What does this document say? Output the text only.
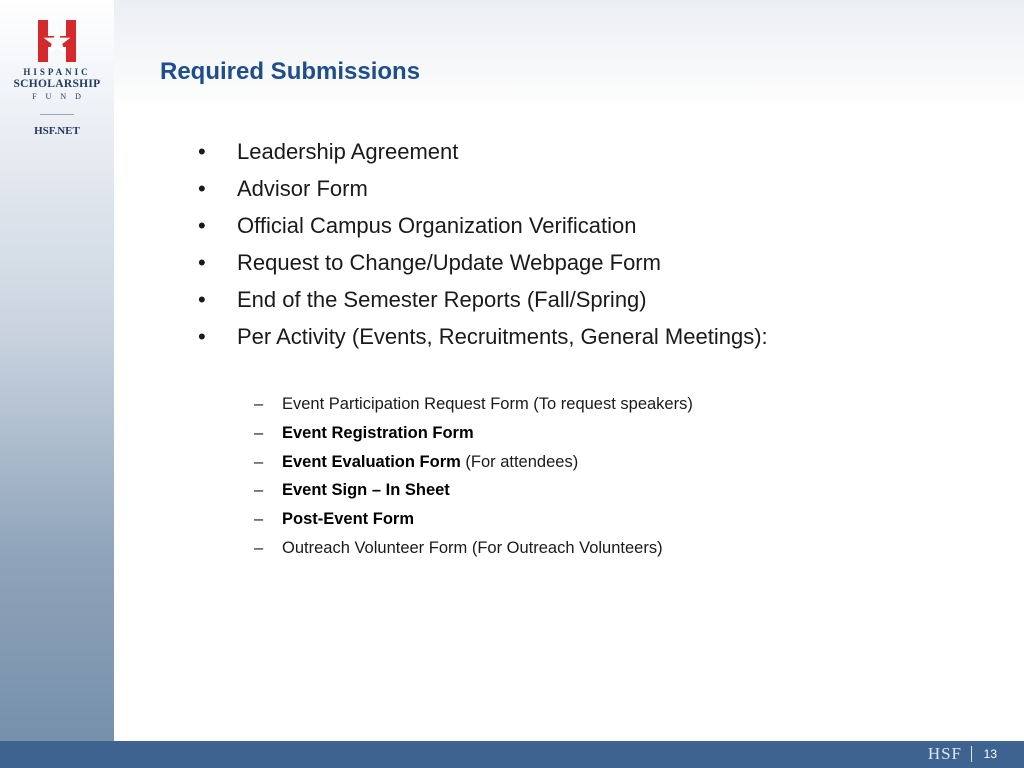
HISPANIC
SCHOLARSHIP
FUND
HSF.NET
Required Submissions
• Leadership Agreement
• Advisor Form
• Official Campus Organization Verification
• Request to Change/Update Webpage Form
• End of the Semester Reports (Fall/Spring)
• Per Activity (Events, Recruitments, General Meetings):
– Event Participation Request Form (To request speakers)
– Event Registration Form
– Event Evaluation Form (For attendees)
– Event Sign – In Sheet
– Post-Event Form
– Outreach Volunteer Form (For Outreach Volunteers)
HSF 13
